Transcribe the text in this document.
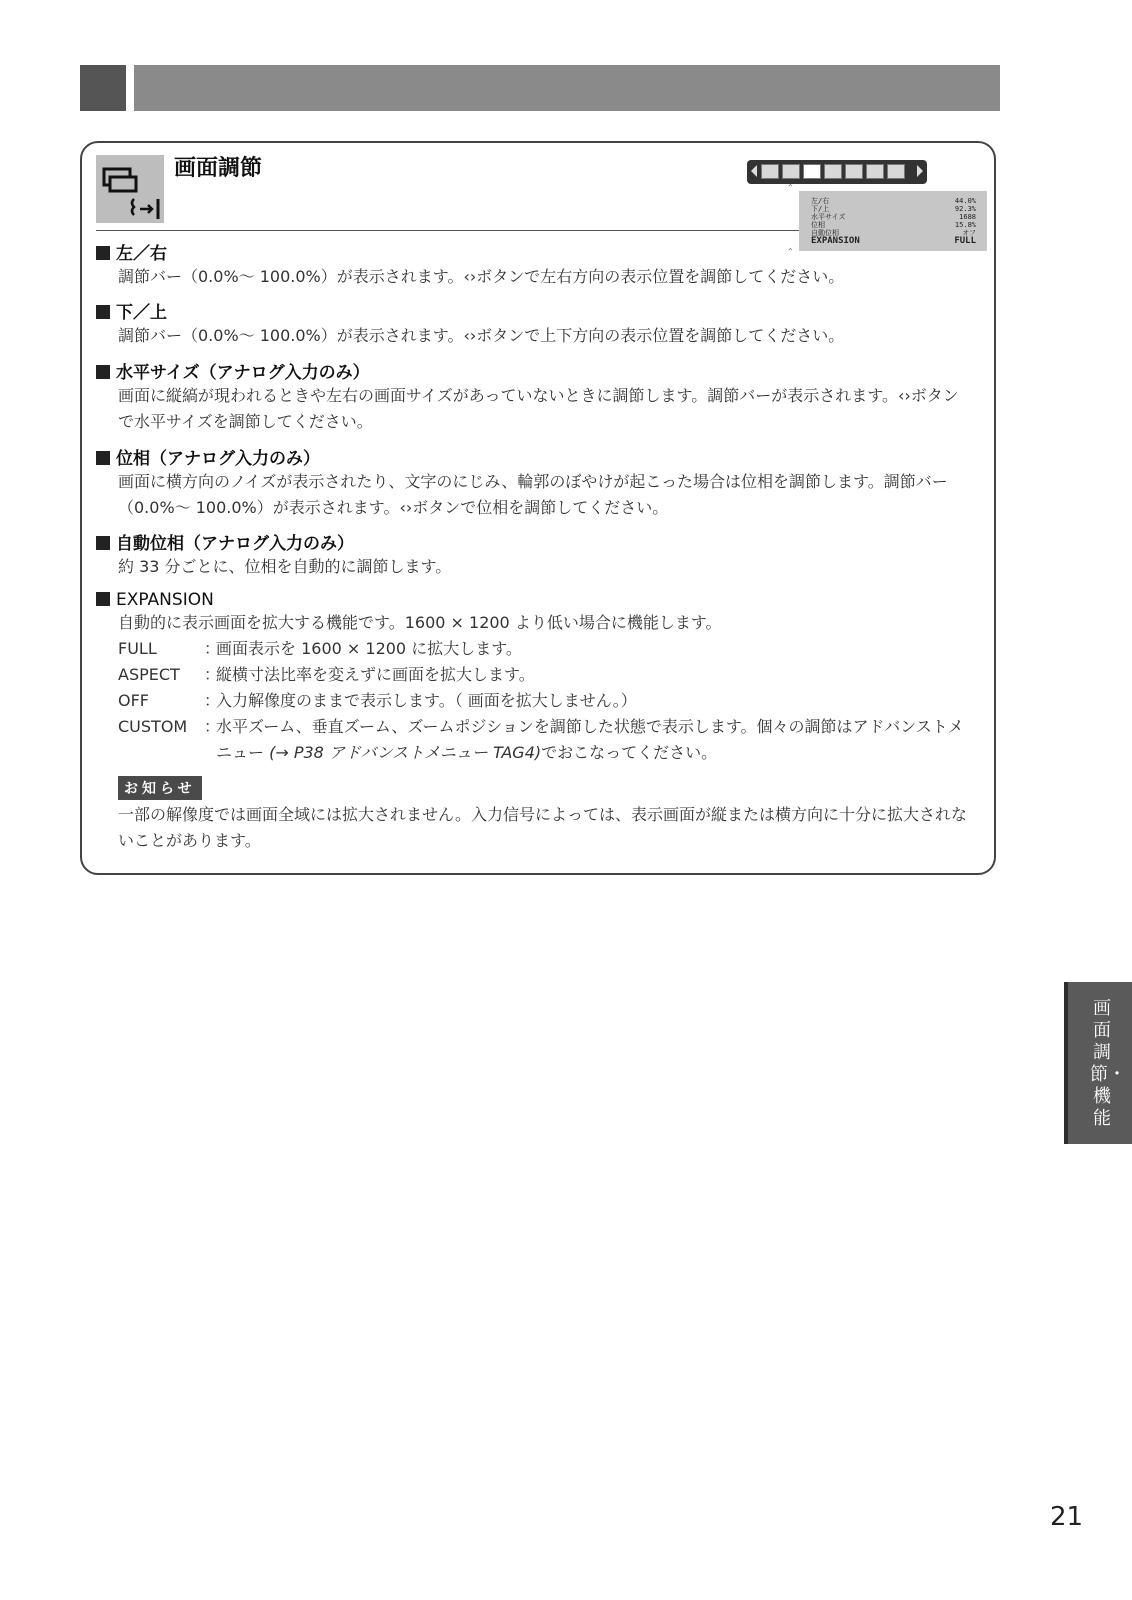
画面調節
⌃
左/右	44.0%
下/上	92.3%
水平サイズ	1688
位相	15.8%
自動位相	オフ
EXPANSION	FULL
⌃
左／右
調節バー（0.0%～ 100.0%）が表示されます。‹›ボタンで左右方向の表示位置を調節してください。
下／上
調節バー（0.0%～ 100.0%）が表示されます。‹›ボタンで上下方向の表示位置を調節してください。
水平サイズ（アナログ入力のみ）
画面に縦縞が現われるときや左右の画面サイズがあっていないときに調節します。調節バーが表示されます。‹›ボタンで水平サイズを調節してください。
位相（アナログ入力のみ）
画面に横方向のノイズが表示されたり、文字のにじみ、輪郭のぼやけが起こった場合は位相を調節します。調節バー（0.0%～ 100.0%）が表示されます。‹›ボタンで位相を調節してください。
自動位相（アナログ入力のみ）
約 33 分ごとに、位相を自動的に調節します。
EXPANSION
自動的に表示画面を拡大する機能です。1600 × 1200 より低い場合に機能します。
FULL	：
画面表示を 1600 × 1200 に拡大します。
ASPECT ：
縦横寸法比率を変えずに画面を拡大します。
OFF	：
入力解像度のままで表示します。（ 画面を拡大しません。）
CUSTOM ：
水平ズーム、垂直ズーム、ズームポジションを調節した状態で表示します。個々の調節はアドバンストメニュー (→ P38 アドバンストメニュー TAG4)でおこなってください。
お知らせ
一部の解像度では画面全域には拡大されません。入力信号によっては、表示画面が縦または横方向に十分に拡大されないことがあります。
画面調節・機能
21
